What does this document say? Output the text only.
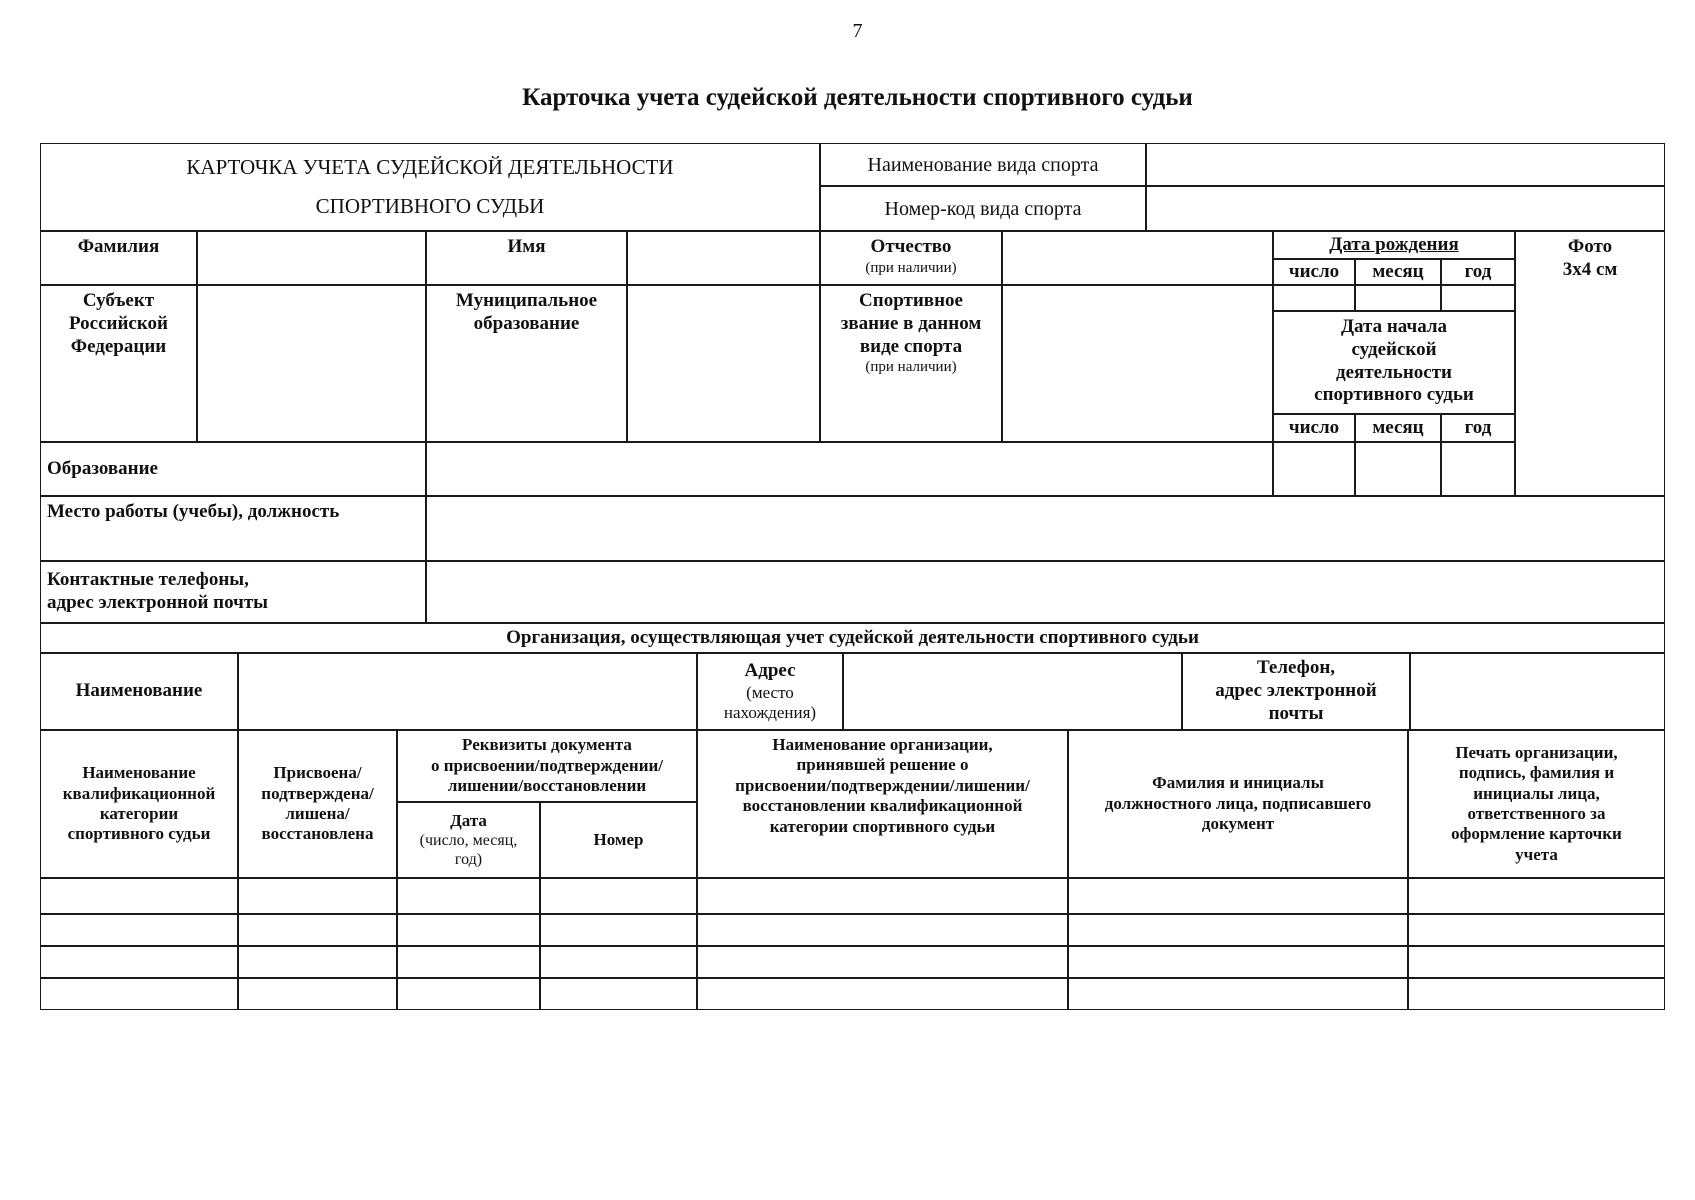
7
Карточка учета судейской деятельности спортивного судьи
КАРТОЧКА УЧЕТА СУДЕЙСКОЙ ДЕЯТЕЛЬНОСТИ
СПОРТИВНОГО СУДЬИ
Наименование вида спорта
Номер-код вида спорта
Фамилия	Имя	Отчество
(при наличии)
Дата рождения
число месяц год
Фото
3x4 см
Субъект
Российской
Федерации
Муниципальное
образование
Спортивное
звание в данном
виде спорта
(при наличии)
Дата начала
судейской
деятельности
спортивного судьи
число месяц год
Образование
Место работы (учебы), должность
Контактные телефоны,
адрес электронной почты
Организация, осуществляющая учет судейской деятельности спортивного судьи
Наименование
Адрес
(место
нахождения)
Телефон,
адрес электронной
почты
Наименование
квалификационной
категории
спортивного судьи
Присвоена/
подтверждена/
лишена/
восстановлена
Реквизиты документа
о присвоении/подтверждении/
лишении/восстановлении
Дата
(число, месяц,
год)
Номер
Наименование организации,
принявшей решение о
присвоении/подтверждении/лишении/
восстановлении квалификационной
категории спортивного судьи
Фамилия и инициалы
должностного лица, подписавшего
документ
Печать организации,
подпись, фамилия и
инициалы лица,
ответственного за
оформление карточки
учета
